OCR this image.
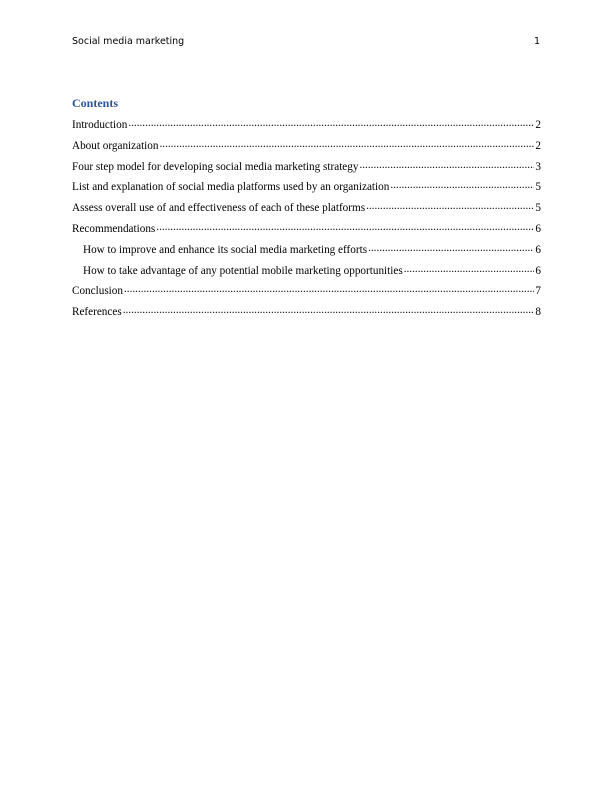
Social media marketing	1
Contents
Introduction .....	2
About organization .....	2
Four step model for developing social media marketing strategy .....	3
List and explanation of social media platforms used by an organization .....	5
Assess overall use of and effectiveness of each of these platforms .....	5
Recommendations .....	6
How to improve and enhance its social media marketing efforts .....	6
How to take advantage of any potential mobile marketing opportunities .....	6
Conclusion .....	7
References .....	8
